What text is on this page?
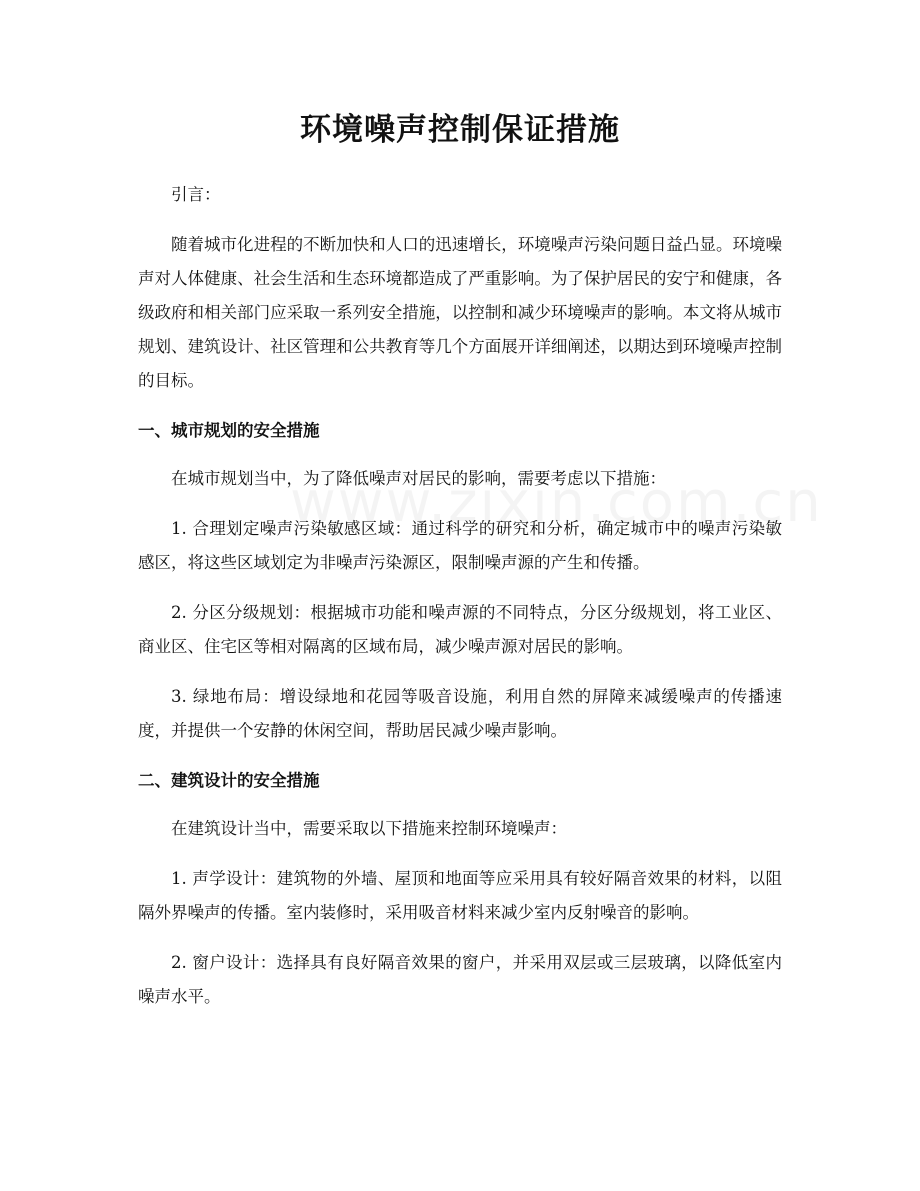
环境噪声控制保证措施

引言：

随着城市化进程的不断加快和人口的迅速增长，环境噪声污染问题日益凸显。环境噪声对人体健康、社会生活和生态环境都造成了严重影响。为了保护居民的安宁和健康，各级政府和相关部门应采取一系列安全措施，以控制和减少环境噪声的影响。本文将从城市规划、建筑设计、社区管理和公共教育等几个方面展开详细阐述，以期达到环境噪声控制的目标。

一、城市规划的安全措施

在城市规划当中，为了降低噪声对居民的影响，需要考虑以下措施：

1. 合理划定噪声污染敏感区域：通过科学的研究和分析，确定城市中的噪声污染敏感区，将这些区域划定为非噪声污染源区，限制噪声源的产生和传播。

2. 分区分级规划：根据城市功能和噪声源的不同特点，分区分级规划，将工业区、商业区、住宅区等相对隔离的区域布局，减少噪声源对居民的影响。

3. 绿地布局：增设绿地和花园等吸音设施，利用自然的屏障来减缓噪声的传播速度，并提供一个安静的休闲空间，帮助居民减少噪声影响。

二、建筑设计的安全措施

在建筑设计当中，需要采取以下措施来控制环境噪声：

1. 声学设计：建筑物的外墙、屋顶和地面等应采用具有较好隔音效果的材料，以阻隔外界噪声的传播。室内装修时，采用吸音材料来减少室内反射噪音的影响。

2. 窗户设计：选择具有良好隔音效果的窗户，并采用双层或三层玻璃，以降低室内噪声水平。
